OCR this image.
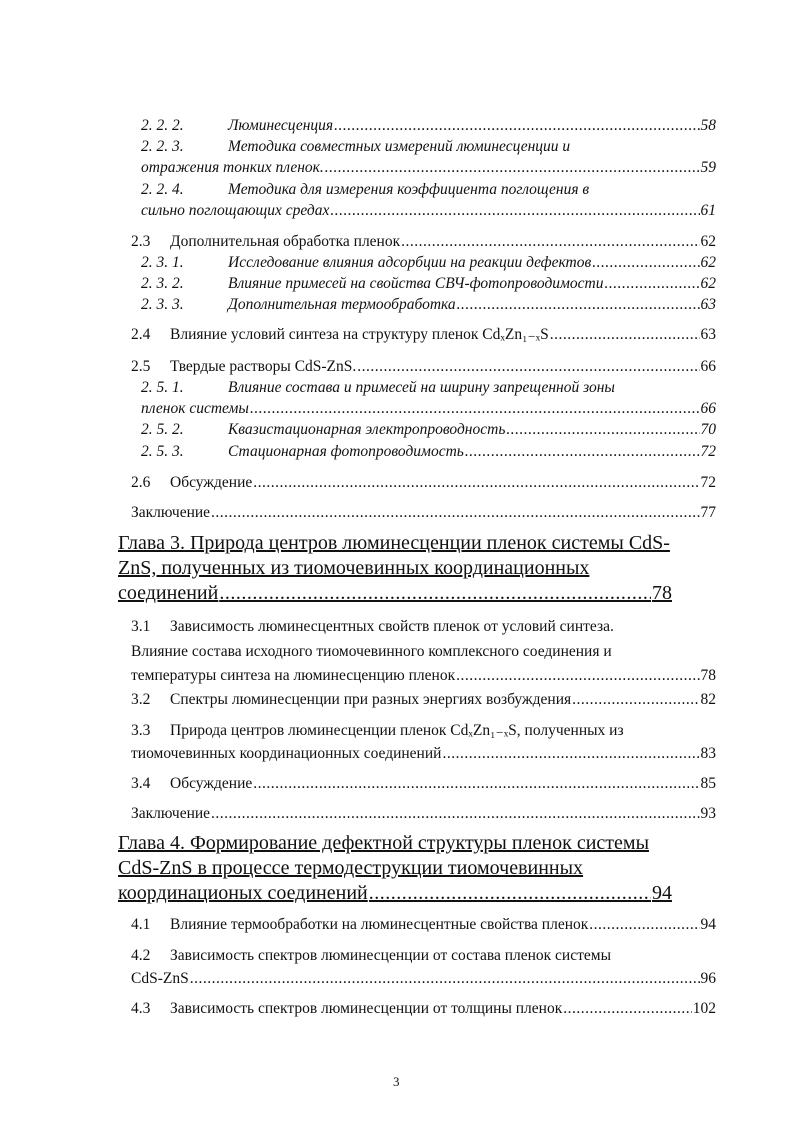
3
2. 2. 2.	Люминесценция .....	58
2. 2. 3.	Методика совместных измерений люминесценции и
отражения тонких пленок. .....	59
2. 2. 4.	Методика для измерения коэффициента поглощения в
сильно поглощающих средах .....	61
2.3	Дополнительная обработка пленок .....	62
2. 3. 1.	Исследование влияния адсорбции на реакции дефектов .....	62
2. 3. 2.	Влияние примесей на свойства СВЧ-фотопроводимости .....	62
2. 3. 3.	Дополнительная термообработка .....	63
2.4	Влияние условий синтеза на структуру пленок CdₓZn₁₋ₓS .....	63
2.5	Твердые растворы CdS-ZnS. .....	66
2. 5. 1.	Влияние состава и примесей на ширину запрещенной зоны
пленок системы .....	66
2. 5. 2.	Квазистационарная электропроводность .....	70
2. 5. 3.	Стационарная фотопроводимость .....	72
2.6	Обсуждение .....	72
Заключение .....	77
Глава 3. Природа центров люминесценции пленок системы CdS-
ZnS, полученных из тиомочевинных координационных
соединений .....	78
3.1	Зависимость люминесцентных свойств пленок от условий синтеза.
Влияние состава исходного тиомочевинного комплексного соединения и
температуры синтеза на люминесценцию пленок .....	78
3.2	Спектры люминесценции при разных энергиях возбуждения .....	82
3.3	Природа центров люминесценции пленок CdₓZn₁₋ₓS, полученных из
тиомочевинных координационных соединений .....	83
3.4	Обсуждение .....	85
Заключение .....	93
Глава 4. Формирование дефектной структуры пленок системы
CdS-ZnS в процессе термодеструкции тиомочевинных
координационых соединений .....	94
4.1	Влияние термообработки на люминесцентные свойства пленок .....	94
4.2	Зависимость спектров люминесценции от состава пленок системы
CdS-ZnS .....	96
4.3	Зависимость спектров люминесценции от толщины пленок .....	102
